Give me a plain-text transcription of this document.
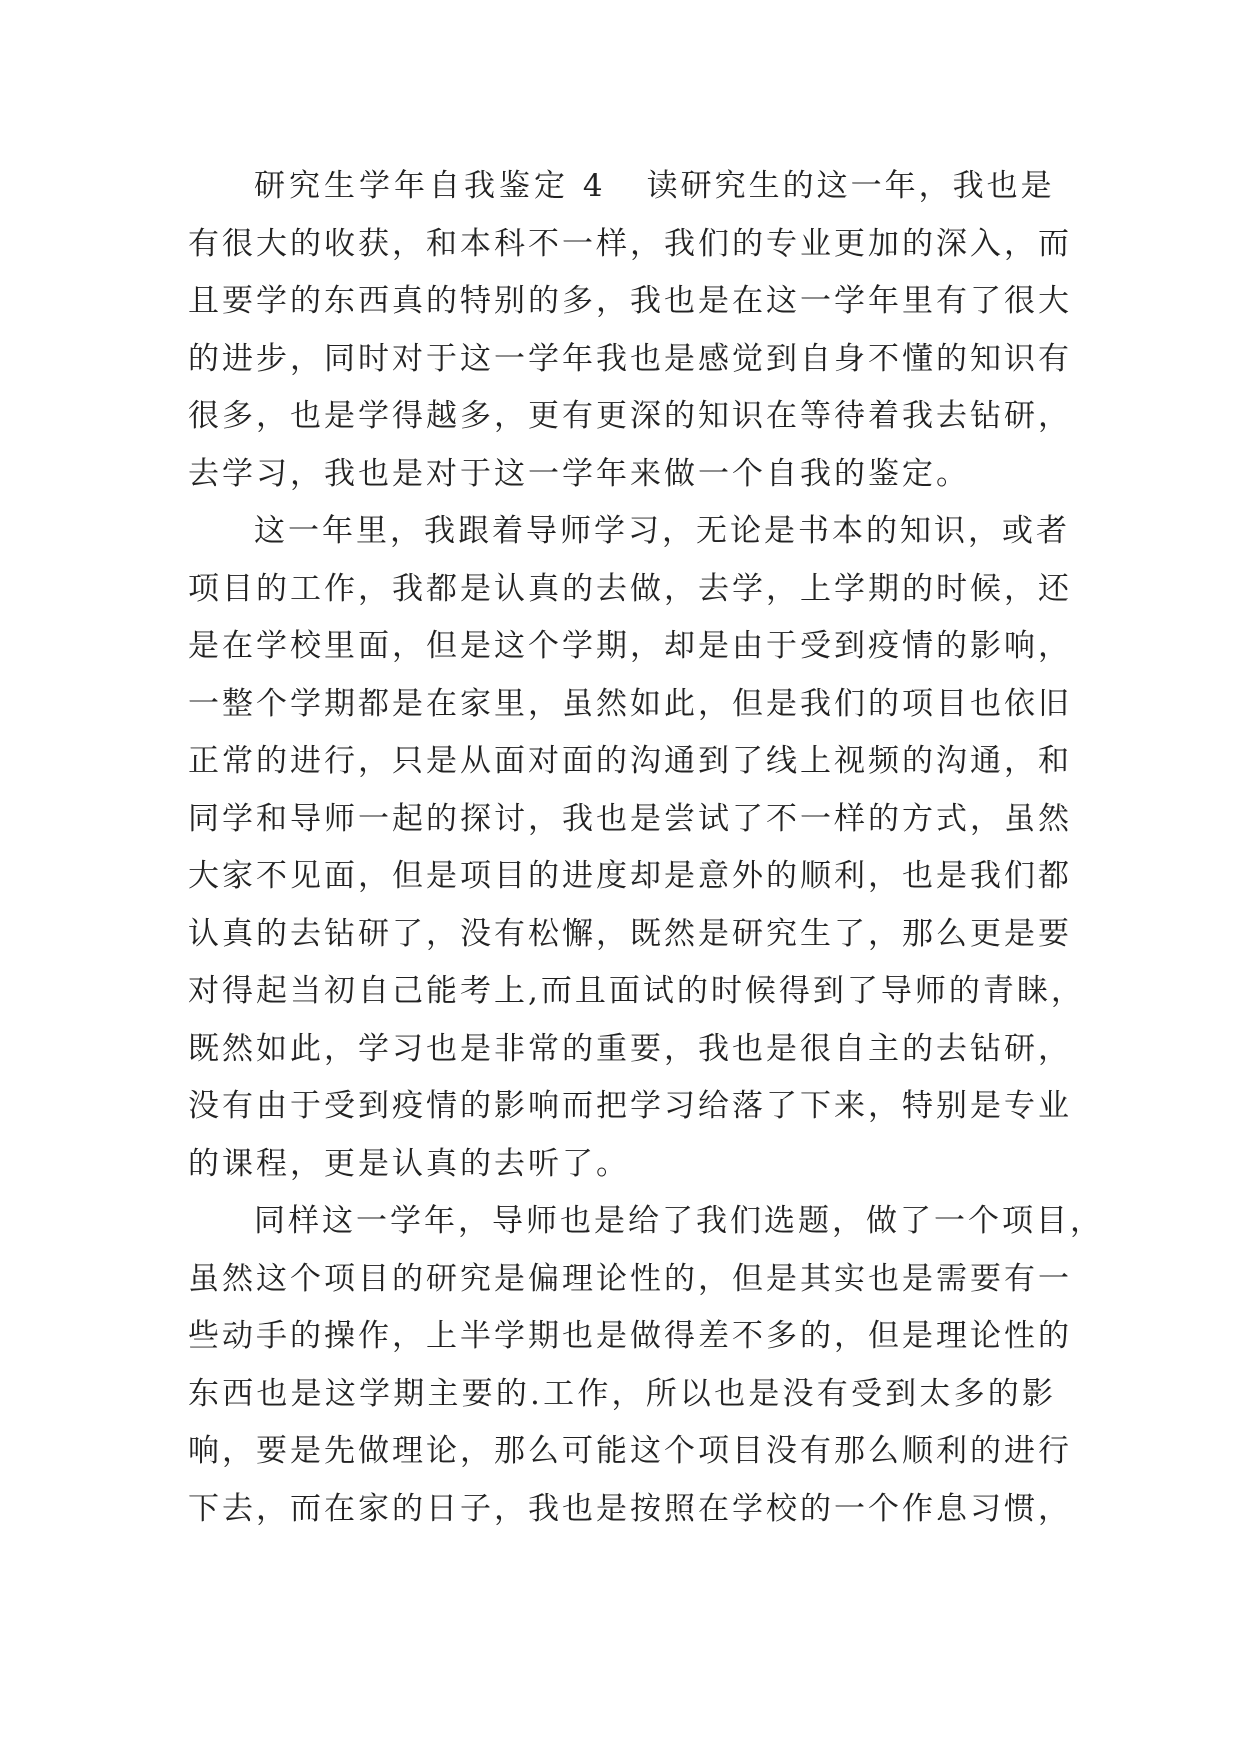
研究生学年自我鉴定 4 读研究生的这一年，我也是
有很大的收获，和本科不一样，我们的专业更加的深入，而
且要学的东西真的特别的多，我也是在这一学年里有了很大
的进步，同时对于这一学年我也是感觉到自身不懂的知识有
很多，也是学得越多，更有更深的知识在等待着我去钻研，
去学习，我也是对于这一学年来做一个自我的鉴定。
这一年里，我跟着导师学习，无论是书本的知识，或者
项目的工作，我都是认真的去做，去学，上学期的时候，还
是在学校里面，但是这个学期，却是由于受到疫情的影响，
一整个学期都是在家里，虽然如此，但是我们的项目也依旧
正常的进行，只是从面对面的沟通到了线上视频的沟通，和
同学和导师一起的探讨，我也是尝试了不一样的方式，虽然
大家不见面，但是项目的进度却是意外的顺利，也是我们都
认真的去钻研了，没有松懈，既然是研究生了，那么更是要
对得起当初自己能考上,而且面试的时候得到了导师的青睐，
既然如此，学习也是非常的重要，我也是很自主的去钻研，
没有由于受到疫情的影响而把学习给落了下来，特别是专业
的课程，更是认真的去听了。
同样这一学年，导师也是给了我们选题，做了一个项目，
虽然这个项目的研究是偏理论性的，但是其实也是需要有一
些动手的操作，上半学期也是做得差不多的，但是理论性的
东西也是这学期主要的.工作，所以也是没有受到太多的影
响，要是先做理论，那么可能这个项目没有那么顺利的进行
下去，而在家的日子，我也是按照在学校的一个作息习惯，
